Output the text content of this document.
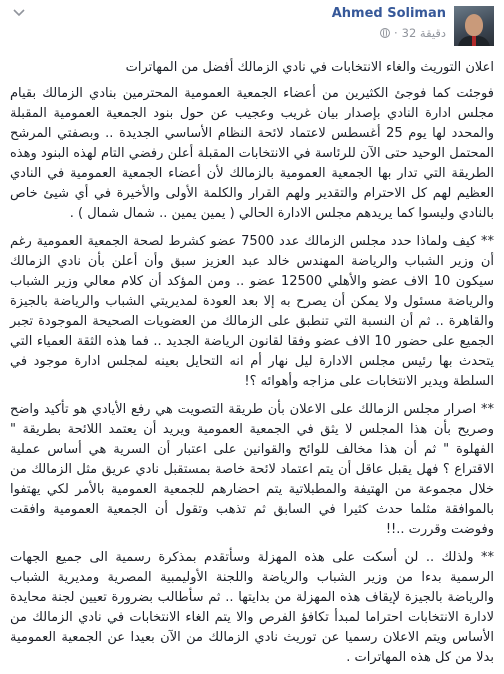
Ahmed Soliman
· 32 دقيقة

اعلان التوريث والغاء الانتخابات في نادي الزمالك أفضل من المهاترات

فوجئت كما فوجئ الكثيرين من أعضاء الجمعية العمومية المحترمين بنادي الزمالك بقيام مجلس ادارة النادي بإصدار بيان غريب وعجيب عن حول بنود الجمعية العمومية المقبلة والمحدد لها يوم 25 أغسطس لاعتماد لائحة النظام الأساسي الجديدة .. وبصفتي المرشح المحتمل الوحيد حتى الآن للرئاسة في الانتخابات المقبلة أعلن رفضي التام لهذه البنود وهذه الطريقة التي تدار بها الجمعية العمومية بالزمالك لأن أعضاء الجمعية العمومية في النادي العظيم لهم كل الاحترام والتقدير ولهم القرار والكلمة الأولى والأخيرة في أي شيئ خاص بالنادي وليسوا كما يريدهم مجلس الادارة الحالي ( يمين يمين .. شمال شمال ) .

** كيف ولماذا حدد مجلس الزمالك عدد 7500 عضو كشرط لصحة الجمعية العمومية رغم أن وزير الشباب والرياضة المهندس خالد عبد العزيز سبق وأن أعلن بأن نادي الزمالك سيكون 10 الاف عضو والأهلي 12500 عضو .. ومن المؤكد أن كلام معالي وزير الشباب والرياضة مسئول ولا يمكن أن يصرح به إلا بعد العودة لمديريتي الشباب والرياضة بالجيزة والقاهرة .. ثم أن النسبة التي تنطبق على الزمالك من العضويات الصحيحة الموجودة تجبر الجميع على حضور 10 الاف عضو وفقا لقانون الرياضة الجديد .. فما هذه الثقة العمياء التي يتحدث بها رئيس مجلس الادارة ليل نهار أم انه التحايل بعينه لمجلس ادارة موجود في السلطة ويدير الانتخابات على مزاجه وأهوائه ؟!

** اصرار مجلس الزمالك على الاعلان بأن طريقة التصويت هي رفع الأيادي هو تأكيد واضح وصريح بأن هذا المجلس لا يثق في الجمعية العمومية ويريد أن يعتمد اللائحة بطريقة " الفهلوة " ثم أن هذا مخالف للوائح والقوانين على اعتبار أن السرية هي أساس عملية الاقتراع ؟ فهل يقبل عاقل أن يتم اعتماد لائحة خاصة بمستقبل نادي عريق مثل الزمالك من خلال مجموعة من الهتيفة والمطبلاتية يتم احضارهم للجمعية العمومية بالأمر لكي يهتفوا بالموافقة مثلما حدث كثيرا في السابق ثم تذهب وتقول أن الجمعية العمومية وافقت وفوضت وقررت ..!!

** ولذلك .. لن أسكت على هذه المهزلة وسأتقدم بمذكرة رسمية الى جميع الجهات الرسمية بدءا من وزير الشباب والرياضة واللجنة الأوليمبية المصرية ومديرية الشباب والرياضة بالجيزة لإيقاف هذه المهزلة من بدايتها .. ثم سأطالب بضرورة تعيين لجنة محايدة لادارة الانتخابات احتراما لمبدأ تكافؤ الفرص والا يتم الغاء الانتخابات في نادي الزمالك من الأساس ويتم الاعلان رسميا عن توريث نادي الزمالك من الآن بعيدا عن الجمعية العمومية بدلا من كل هذه المهاترات .
